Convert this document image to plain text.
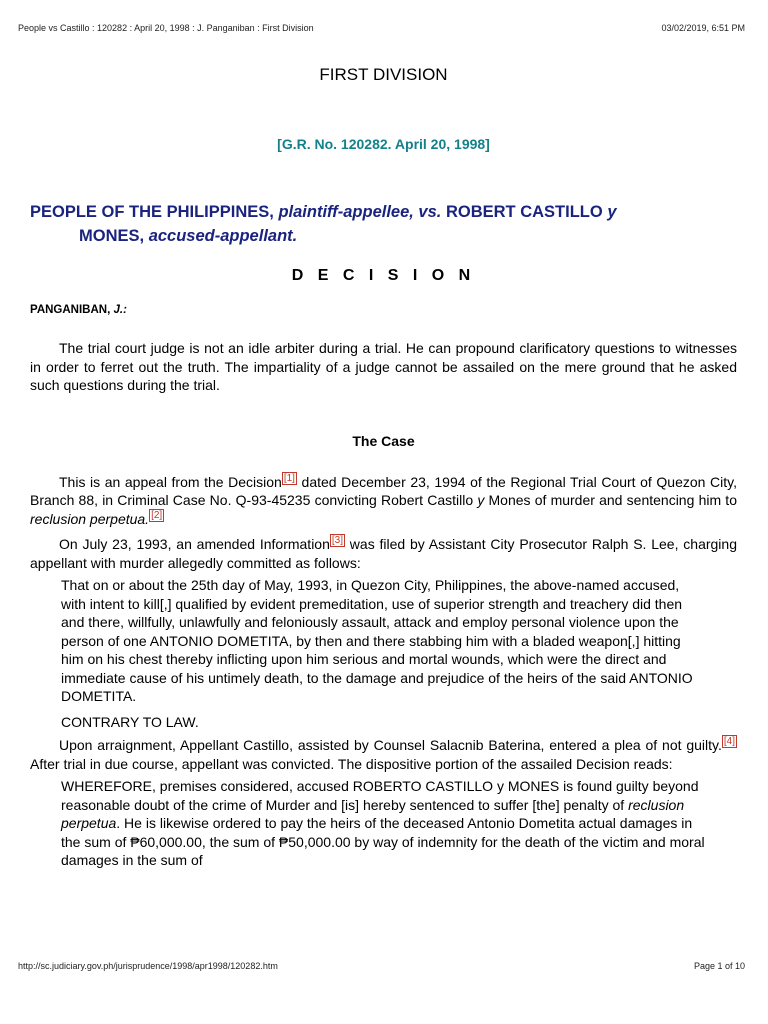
People vs Castillo : 120282 : April 20, 1998 : J. Panganiban : First Division	03/02/2019, 6:51 PM
FIRST DIVISION
[G.R. No. 120282. April 20, 1998]
PEOPLE OF THE PHILIPPINES, plaintiff-appellee, vs. ROBERT CASTILLO y
MONES, accused-appellant.
D E C I S I O N
PANGANIBAN, J.:

The trial court judge is not an idle arbiter during a trial. He can propound clarificatory questions to witnesses in order to ferret out the truth. The impartiality of a judge cannot be assailed on the mere ground that he asked such questions during the trial.

The Case

This is an appeal from the Decision [1] dated December 23, 1994 of the Regional Trial Court of Quezon City, Branch 88, in Criminal Case No. Q-93-45235 convicting Robert Castillo y Mones of murder and sentencing him to reclusion perpetua. [2]

On July 23, 1993, an amended Information [3] was filed by Assistant City Prosecutor Ralph S. Lee, charging appellant with murder allegedly committed as follows:

That on or about the 25th day of May, 1993, in Quezon City, Philippines, the above-named accused, with intent to kill[,] qualified by evident premeditation, use of superior strength and treachery did then and there, willfully, unlawfully and feloniously assault, attack and employ personal violence upon the person of one ANTONIO DOMETITA, by then and there stabbing him with a bladed weapon[,] hitting him on his chest thereby inflicting upon him serious and mortal wounds, which were the direct and immediate cause of his untimely death, to the damage and prejudice of the heirs of the said ANTONIO DOMETITA.
CONTRARY TO LAW.

Upon arraignment, Appellant Castillo, assisted by Counsel Salacnib Baterina, entered a plea of not guilty. [4] After trial in due course, appellant was convicted. The dispositive portion of the assailed Decision reads:

WHEREFORE, premises considered, accused ROBERTO CASTILLO y MONES is found guilty beyond reasonable doubt of the crime of Murder and [is] hereby sentenced to suffer [the] penalty of reclusion perpetua. He is likewise ordered to pay the heirs of the deceased Antonio Dometita actual damages in the sum of ₱60,000.00, the sum of ₱50,000.00 by way of indemnity for the death of the victim and moral damages in the sum of
http://sc.judiciary.gov.ph/jurisprudence/1998/apr1998/120282.htm	Page 1 of 10
